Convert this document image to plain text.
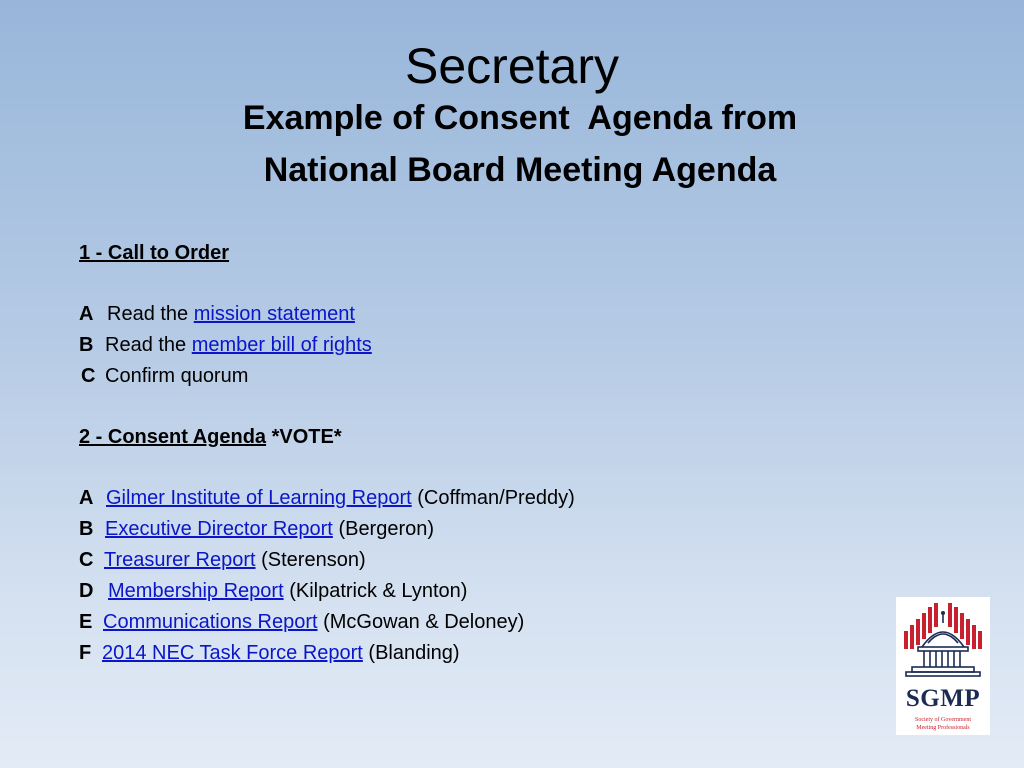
Secretary
Example of Consent  Agenda from
National Board Meeting Agenda
1 - Call to Order
A Read the mission statement
B Read the member bill of rights
C Confirm quorum
2 - Consent Agenda *VOTE*
A Gilmer Institute of Learning Report (Coffman/Preddy)
B Executive Director Report (Bergeron)
C Treasurer Report (Sterenson)
D Membership Report (Kilpatrick & Lynton)
E Communications Report (McGowan & Deloney)
F 2014 NEC Task Force Report (Blanding)
SGMP
Society of Government
Meeting Professionals
